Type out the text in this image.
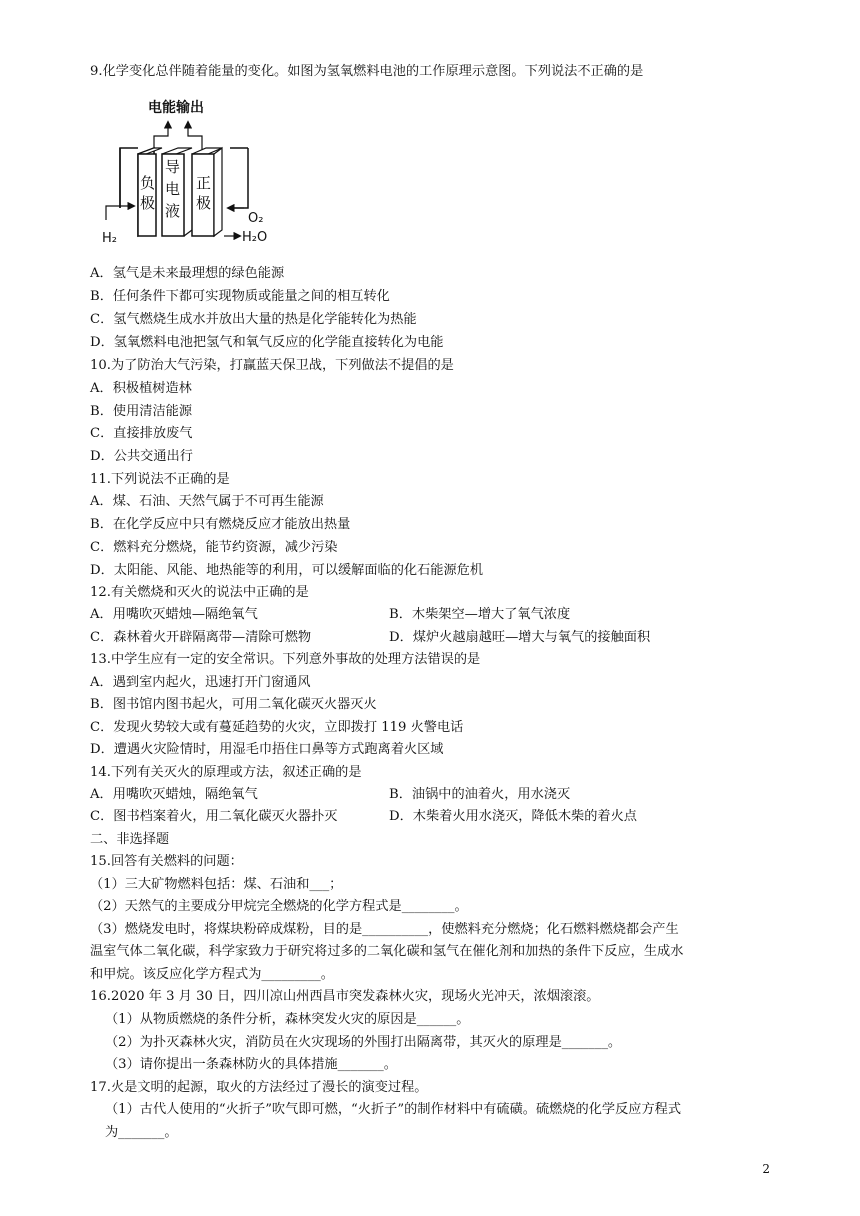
9.化学变化总伴随着能量的变化。如图为氢氧燃料电池的工作原理示意图。下列说法不正确的是
电能输出
负
极
导
电
液
正
极
H₂
O₂
H₂O
A．氢气是未来最理想的绿色能源
B．任何条件下都可实现物质或能量之间的相互转化
C．氢气燃烧生成水并放出大量的热是化学能转化为热能
D．氢氧燃料电池把氢气和氧气反应的化学能直接转化为电能
10.为了防治大气污染，打赢蓝天保卫战，下列做法不提倡的是
A．积极植树造林
B．使用清洁能源
C．直接排放废气
D．公共交通出行
11.下列说法不正确的是
A．煤、石油、天然气属于不可再生能源
B．在化学反应中只有燃烧反应才能放出热量
C．燃料充分燃烧，能节约资源，减少污染
D．太阳能、风能、地热能等的利用，可以缓解面临的化石能源危机
12.有关燃烧和灭火的说法中正确的是
A．用嘴吹灭蜡烛—隔绝氧气	B．木柴架空—增大了氧气浓度
C．森林着火开辟隔离带—清除可燃物	D．煤炉火越扇越旺—增大与氧气的接触面积
13.中学生应有一定的安全常识。下列意外事故的处理方法错误的是
A．遇到室内起火，迅速打开门窗通风
B．图书馆内图书起火，可用二氧化碳灭火器灭火
C．发现火势较大或有蔓延趋势的火灾，立即拨打 119 火警电话
D．遭遇火灾险情时，用湿毛巾捂住口鼻等方式跑离着火区域
14.下列有关灭火的原理或方法，叙述正确的是
A．用嘴吹灭蜡烛，隔绝氧气	B．油锅中的油着火，用水浇灭
C．图书档案着火，用二氧化碳灭火器扑灭	D．木柴着火用水浇灭，降低木柴的着火点
二、非选择题
15.回答有关燃料的问题：
（1）三大矿物燃料包括：煤、石油和___；
（2）天然气的主要成分甲烷完全燃烧的化学方程式是________。
（3）燃烧发电时，将煤块粉碎成煤粉，目的是__________，使燃料充分燃烧；化石燃料燃烧都会产生
温室气体二氧化碳，科学家致力于研究将过多的二氧化碳和氢气在催化剂和加热的条件下反应，生成水
和甲烷。该反应化学方程式为_________。
16.2020 年 3 月 30 日，四川凉山州西昌市突发森林火灾，现场火光冲天，浓烟滚滚。
（1）从物质燃烧的条件分析，森林突发火灾的原因是______。
（2）为扑灭森林火灾，消防员在火灾现场的外围打出隔离带，其灭火的原理是_______。
（3）请你提出一条森林防火的具体措施_______。
17.火是文明的起源，取火的方法经过了漫长的演变过程。
（1）古代人使用的“火折子”吹气即可燃，“火折子”的制作材料中有硫磺。硫燃烧的化学反应方程式
为_______。
2
